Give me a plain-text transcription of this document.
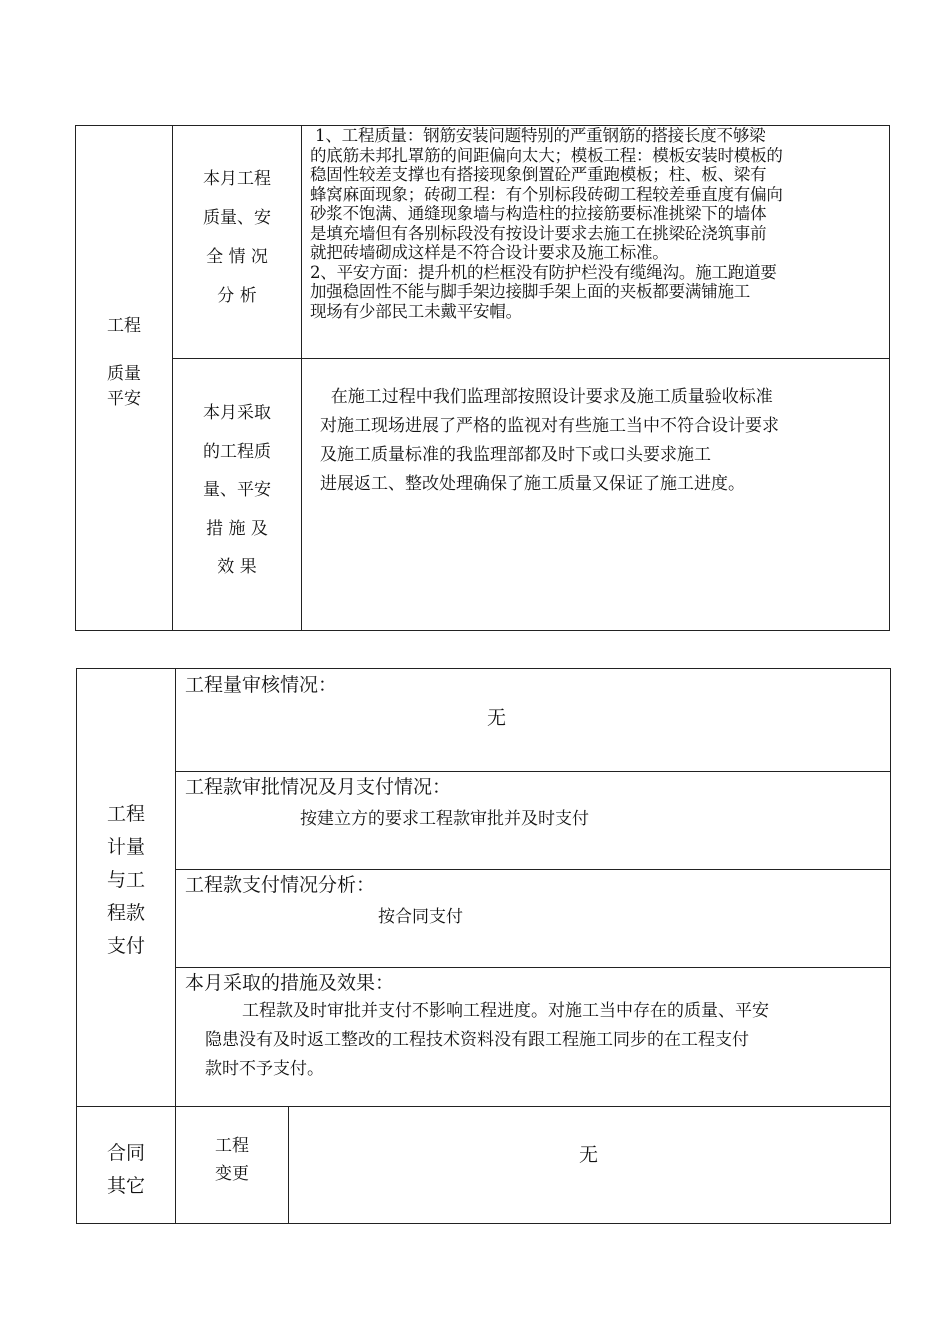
工程
质量
平安
本月工程
质量、安
全 情 况
分 析
1、工程质量：钢筋安装问题特别的严重钢筋的搭接长度不够梁
的底筋未邦扎罩筋的间距偏向太大；模板工程：模板安装时模板的
稳固性较差支撑也有搭接现象倒置砼严重跑模板；柱、板、梁有
蜂窝麻面现象；砖砌工程：有个别标段砖砌工程较差垂直度有偏向
砂浆不饱满、通缝现象墙与构造柱的拉接筋要标准挑梁下的墙体
是填充墙但有各别标段没有按设计要求去施工在挑梁砼浇筑事前
就把砖墙砌成这样是不符合设计要求及施工标准。
2、平安方面：提升机的栏框没有防护栏没有缆绳沟。施工跑道要
加强稳固性不能与脚手架边接脚手架上面的夹板都要满铺施工
现场有少部民工未戴平安帽。
本月采取
的工程质
量、平安
措 施 及
效 果
在施工过程中我们监理部按照设计要求及施工质量验收标准
对施工现场进展了严格的监视对有些施工当中不符合设计要求
及施工质量标准的我监理部都及时下或口头要求施工
进展返工、整改处理确保了施工质量又保证了施工进度。
工程
计量
与工
程款
支付
工程量审核情况：
无
工程款审批情况及月支付情况：
按建立方的要求工程款审批并及时支付
工程款支付情况分析：
按合同支付
本月采取的措施及效果：
工程款及时审批并支付不影响工程进度。对施工当中存在的质量、平安
隐患没有及时返工整改的工程技术资料没有跟工程施工同步的在工程支付
款时不予支付。
合同
其它
工程
变更
无
